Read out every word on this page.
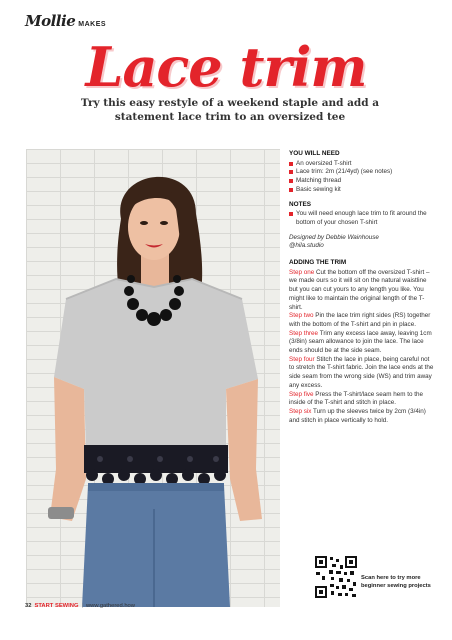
Mollie MAKES
Lace trim
Try this easy restyle of a weekend staple and add a statement lace trim to an oversized tee
YOU WILL NEED
An oversized T-shirt
Lace trim: 2m (21/4yd) (see notes)
Matching thread
Basic sewing kit
NOTES
You will need enough lace trim to fit around the bottom of your chosen T-shirt

Designed by Debbie Wainhouse
@hila.studio

ADDING THE TRIM

Step one Cut the bottom off the oversized T-shirt – we made ours so it will sit on the natural waistline but you can cut yours to any length you like. You might like to maintain the original length of the T-shirt.

Step two Pin the lace trim right sides (RS) together with the bottom of the T-shirt and pin in place.

Step three Trim any excess lace away, leaving 1cm (3/8in) seam allowance to join the lace. The lace ends should be at the side seam.

Step four Stitch the lace in place, being careful not to stretch the T-shirt fabric. Join the lace ends at the side seam from the wrong side (WS) and trim away any excess.

Step five Press the T-shirt/lace seam hem to the inside of the T-shirt and stitch in place.

Step six Turn up the sleeves twice by 2cm (3/4in) and stitch in place vertically to hold.

Scan here to try more beginner sewing projects
32 START SEWING | www.gathered.how
